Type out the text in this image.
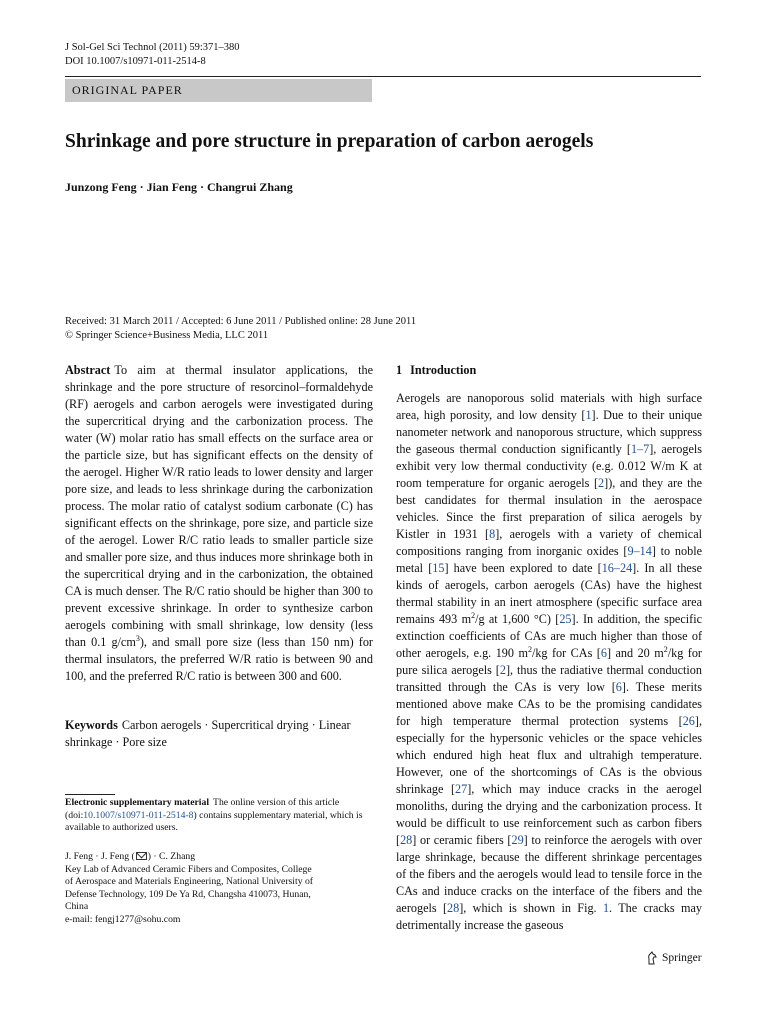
J Sol-Gel Sci Technol (2011) 59:371–380
DOI 10.1007/s10971-011-2514-8
ORIGINAL PAPER
Shrinkage and pore structure in preparation of carbon aerogels
Junzong Feng · Jian Feng · Changrui Zhang
Received: 31 March 2011 / Accepted: 6 June 2011 / Published online: 28 June 2011
© Springer Science+Business Media, LLC 2011
Abstract To aim at thermal insulator applications, the shrinkage and the pore structure of resorcinol–formaldehyde (RF) aerogels and carbon aerogels were investigated during the supercritical drying and the carbonization process. The water (W) molar ratio has small effects on the surface area or the particle size, but has significant effects on the density of the aerogel. Higher W/R ratio leads to lower density and larger pore size, and leads to less shrinkage during the carbonization process. The molar ratio of catalyst sodium carbonate (C) has significant effects on the shrinkage, pore size, and particle size of the aerogel. Lower R/C ratio leads to smaller particle size and smaller pore size, and thus induces more shrinkage both in the supercritical drying and in the carbonization, the obtained CA is much denser. The R/C ratio should be higher than 300 to prevent excessive shrinkage. In order to synthesize carbon aerogels combining with small shrinkage, low density (less than 0.1 $g/cm^3$), and small pore size (less than 150 nm) for thermal insulators, the preferred W/R ratio is between 90 and 100, and the preferred R/C ratio is between 300 and 600.
Keywords Carbon aerogels · Supercritical drying · Linear shrinkage · Pore size
Electronic supplementary material The online version of this article (doi:10.1007/s10971-011-2514-8) contains supplementary material, which is available to authorized users.
J. Feng · J. Feng ( ) · C. Zhang
Key Lab of Advanced Ceramic Fibers and Composites, College
of Aerospace and Materials Engineering, National University of
Defense Technology, 109 De Ya Rd, Changsha 410073, Hunan,
China
e-mail: fengj1277@sohu.com
1 Introduction
Aerogels are nanoporous solid materials with high surface area, high porosity, and low density [1]. Due to their unique nanometer network and nanoporous structure, which suppress the gaseous thermal conduction significantly [1–7], aerogels exhibit very low thermal conductivity (e.g. 0.012 W/m K at room temperature for organic aerogels [2]), and they are the best candidates for thermal insulation in the aerospace vehicles. Since the first preparation of silica aerogels by Kistler in 1931 [8], aerogels with a variety of chemical compositions ranging from inorganic oxides [9–14] to noble metal [15] have been explored to date [16–24]. In all these kinds of aerogels, carbon aerogels (CAs) have the highest thermal stability in an inert atmosphere (specific surface area remains 493 $m^2/g$ at 1,600 °C) [25]. In addition, the specific extinction coefficients of CAs are much higher than those of other aerogels, e.g. 190 $m^2/kg$ for CAs [6] and 20 $m^2/kg$ for pure silica aerogels [2], thus the radiative thermal conduction transitted through the CAs is very low [6]. These merits mentioned above make CAs to be the promising candidates for high temperature thermal protection systems [26], especially for the hypersonic vehicles or the space vehicles which endured high heat flux and ultrahigh temperature. However, one of the shortcomings of CAs is the obvious shrinkage [27], which may induce cracks in the aerogel monoliths, during the drying and the carbonization process. It would be difficult to use reinforcement such as carbon fibers [28] or ceramic fibers [29] to reinforce the aerogels with over large shrinkage, because the different shrinkage percentages of the fibers and the aerogels would lead to tensile force in the CAs and induce cracks on the interface of the fibers and the aerogels [28], which is shown in Fig. 1. The cracks may detrimentally increase the gaseous
Springer
